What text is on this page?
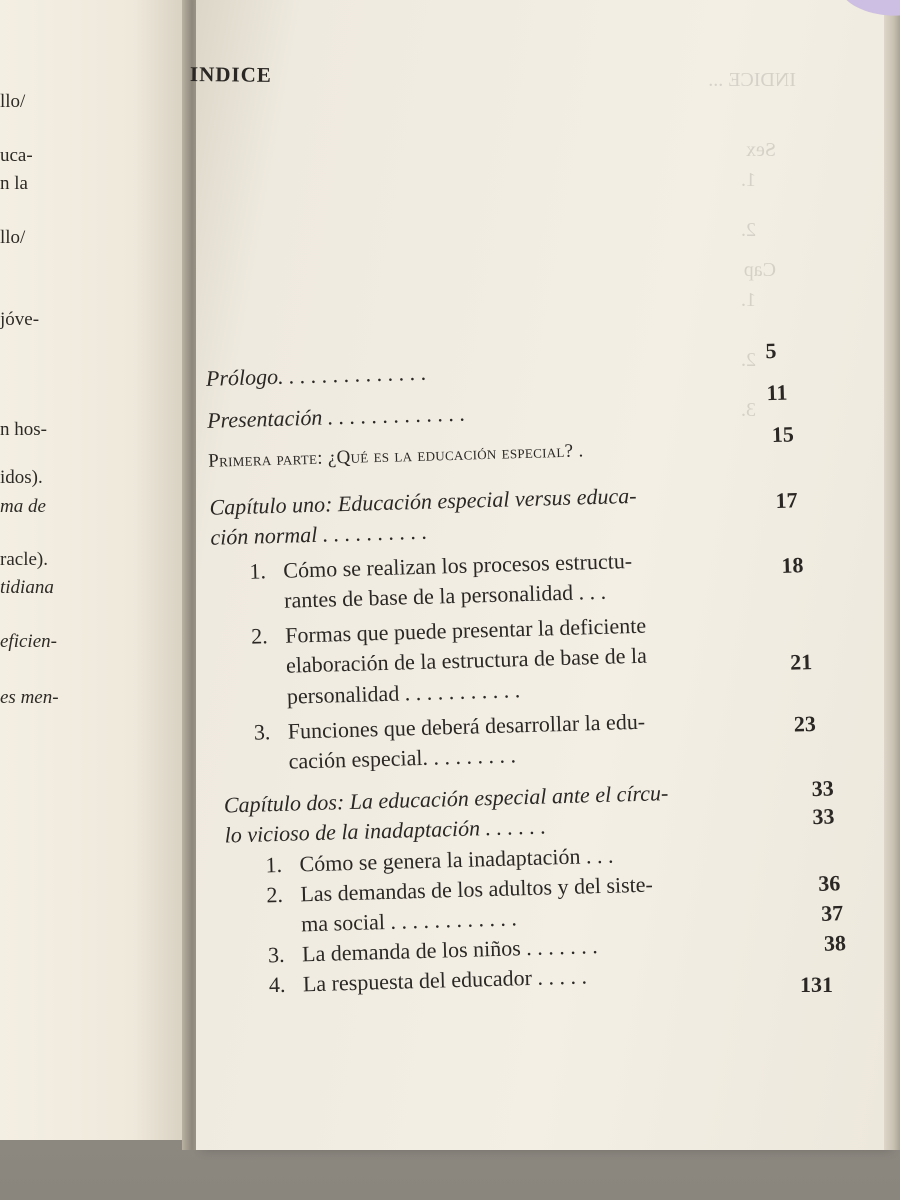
llo/
uca-
n la
llo/
jóve-
n hos-
idos).
ma de
racle).
tidiana
eficien-
es men-
INDICE
Prólogo. . . . . . . . . . . . . .
5
Presentación . . . . . . . . . . . . .
11
Primera parte: ¿Qué es la educación especial? .
15
Capítulo uno: Educación especial versus educa-
ción normal . . . . . . . . . .
17
1. Cómo se realizan los procesos estructu-
rantes de base de la personalidad . . .
18
2. Formas que puede presentar la deficiente
elaboración de la estructura de base de la
personalidad . . . . . . . . . . .
21
3. Funciones que deberá desarrollar la edu-
cación especial. . . . . . . . .
23
Capítulo dos: La educación especial ante el círcu-
lo vicioso de la inadaptación . . . . . .
33
33
1. Cómo se genera la inadaptación . . .
2. Las demandas de los adultos y del siste-
ma social . . . . . . . . . . . .
36
3. La demanda de los niños . . . . . . .
37
4. La respuesta del educador . . . . .
38
131
